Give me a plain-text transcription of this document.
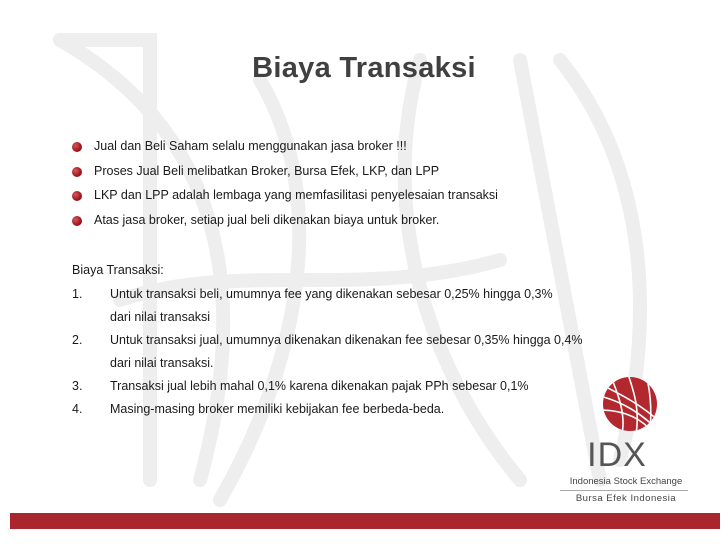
Biaya Transaksi
Jual dan Beli Saham selalu menggunakan jasa broker !!!
Proses Jual Beli melibatkan Broker, Bursa Efek, LKP, dan LPP
LKP dan LPP adalah lembaga yang memfasilitasi penyelesaian transaksi
Atas jasa broker, setiap jual beli dikenakan biaya untuk broker.
Biaya Transaksi:
1. Untuk transaksi beli, umumnya fee yang dikenakan sebesar 0,25% hingga 0,3%
dari nilai transaksi
2. Untuk transaksi jual, umumnya dikenakan dikenakan fee sebesar 0,35% hingga 0,4%
dari nilai transaksi.
3. Transaksi jual lebih mahal 0,1% karena dikenakan pajak PPh sebesar 0,1%
4. Masing-masing broker memiliki kebijakan fee berbeda-beda.
IDX
Indonesia Stock Exchange
Bursa Efek Indonesia
